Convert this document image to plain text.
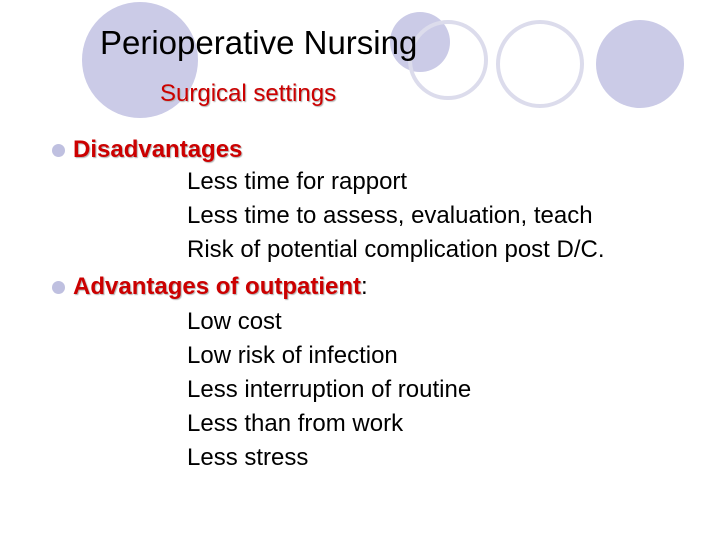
Perioperative Nursing
Surgical settings
Disadvantages
Less time for rapport
Less time to assess, evaluation, teach
Risk of potential complication post D/C.
Advantages of outpatient:
Low cost
Low risk of infection
Less interruption of routine
Less than from work
Less stress
